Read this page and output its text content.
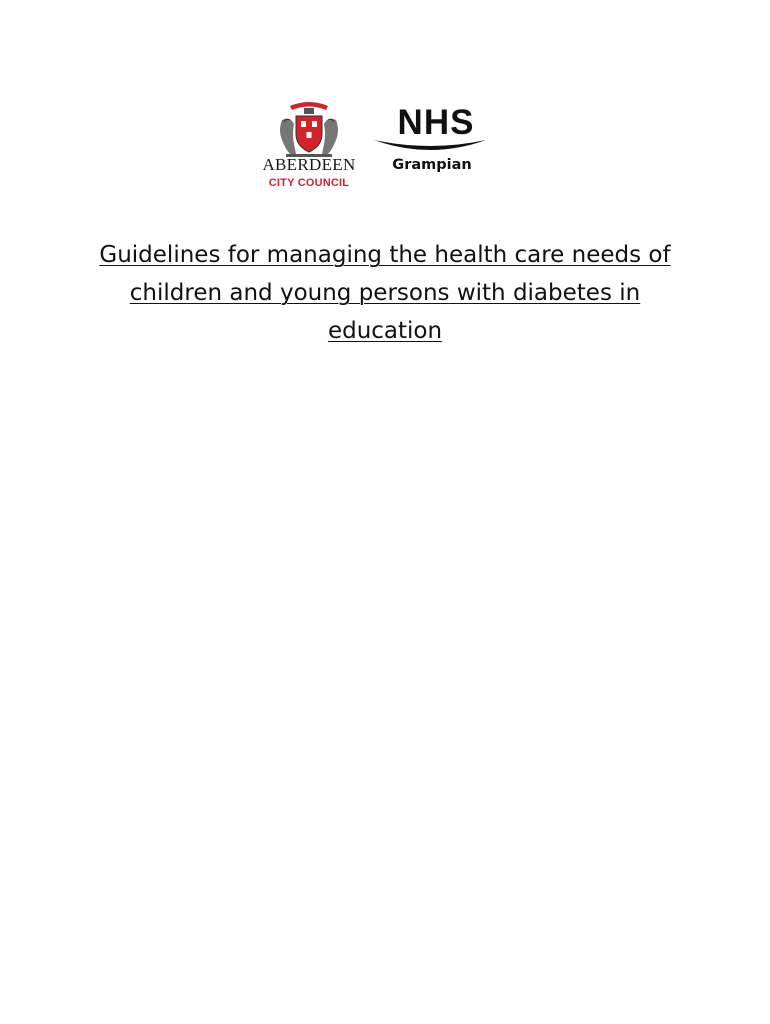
ABERDEEN
CITY COUNCIL
NHS
Grampian
Guidelines for managing the health care needs of
children and young persons with diabetes in
education
